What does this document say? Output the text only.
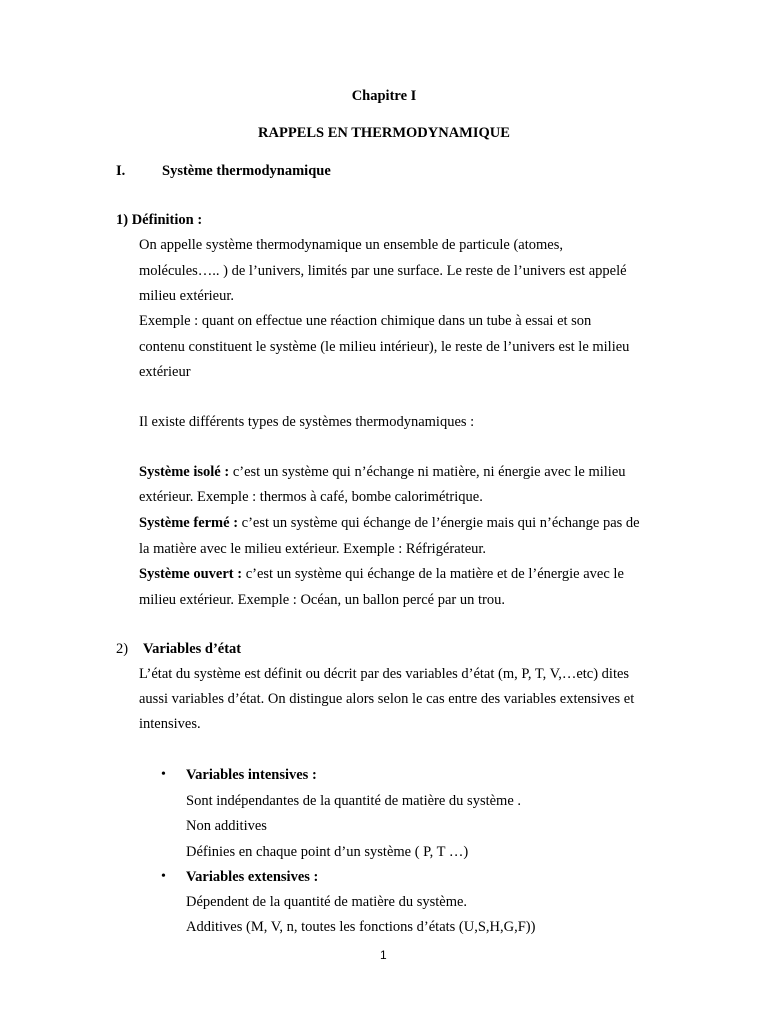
Chapitre I
RAPPELS EN THERMODYNAMIQUE
I.	Système thermodynamique
1) Définition :
On appelle système thermodynamique un ensemble de particule (atomes,
molécules….. ) de l’univers, limités par une surface. Le reste de l’univers est appelé
milieu extérieur.
Exemple : quant on effectue une réaction chimique dans un tube à essai et son
contenu constituent le système (le milieu intérieur), le reste de l’univers est le milieu
extérieur
Il existe différents types de systèmes thermodynamiques :
Système isolé : c’est un système qui n’échange ni matière, ni énergie avec le milieu
extérieur. Exemple : thermos à café, bombe calorimétrique.
Système fermé : c’est un système qui échange de l’énergie mais qui n’échange pas de
la matière avec le milieu extérieur. Exemple : Réfrigérateur.
Système ouvert : c’est un système qui échange de la matière et de l’énergie avec le
milieu extérieur. Exemple : Océan, un ballon percé par un trou.
2) Variables d’état
L’état du système est définit ou décrit par des variables d’état (m, P, T, V,…etc) dites
aussi variables d’état. On distingue alors selon le cas entre des variables extensives et
intensives.
• Variables intensives :
Sont indépendantes de la quantité de matière du système .
Non additives
Définies en chaque point d’un système ( P, T …)
• Variables extensives :
Dépendent de la quantité de matière du système.
Additives (M, V, n, toutes les fonctions d’états (U,S,H,G,F))
1
